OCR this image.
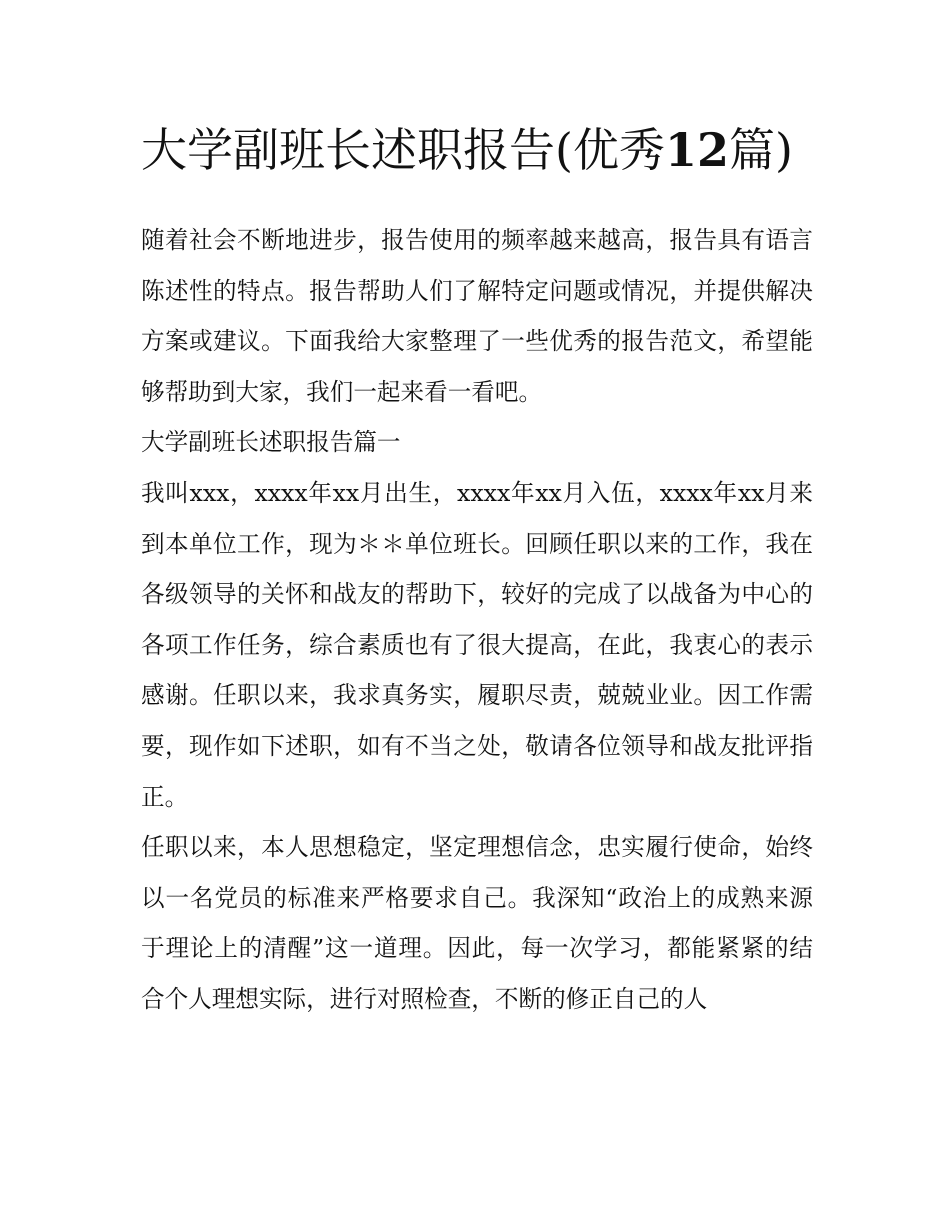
大学副班长述职报告(优秀12篇)

随着社会不断地进步，报告使用的频率越来越高，报告具有语言陈述性的特点。报告帮助人们了解特定问题或情况，并提供解决方案或建议。下面我给大家整理了一些优秀的报告范文，希望能够帮助到大家，我们一起来看一看吧。

大学副班长述职报告篇一

我叫xxx，xxxx年xx月出生，xxxx年xx月入伍，xxxx年xx月来到本单位工作，现为＊＊单位班长。回顾任职以来的工作，我在各级领导的关怀和战友的帮助下，较好的完成了以战备为中心的各项工作任务，综合素质也有了很大提高，在此，我衷心的表示感谢。任职以来，我求真务实，履职尽责，兢兢业业。因工作需要，现作如下述职，如有不当之处，敬请各位领导和战友批评指正。

任职以来，本人思想稳定，坚定理想信念，忠实履行使命，始终以一名党员的标准来严格要求自己。我深知“政治上的成熟来源于理论上的清醒”这一道理。因此，每一次学习，都能紧紧的结合个人理想实际，进行对照检查，不断的修正自己的人
